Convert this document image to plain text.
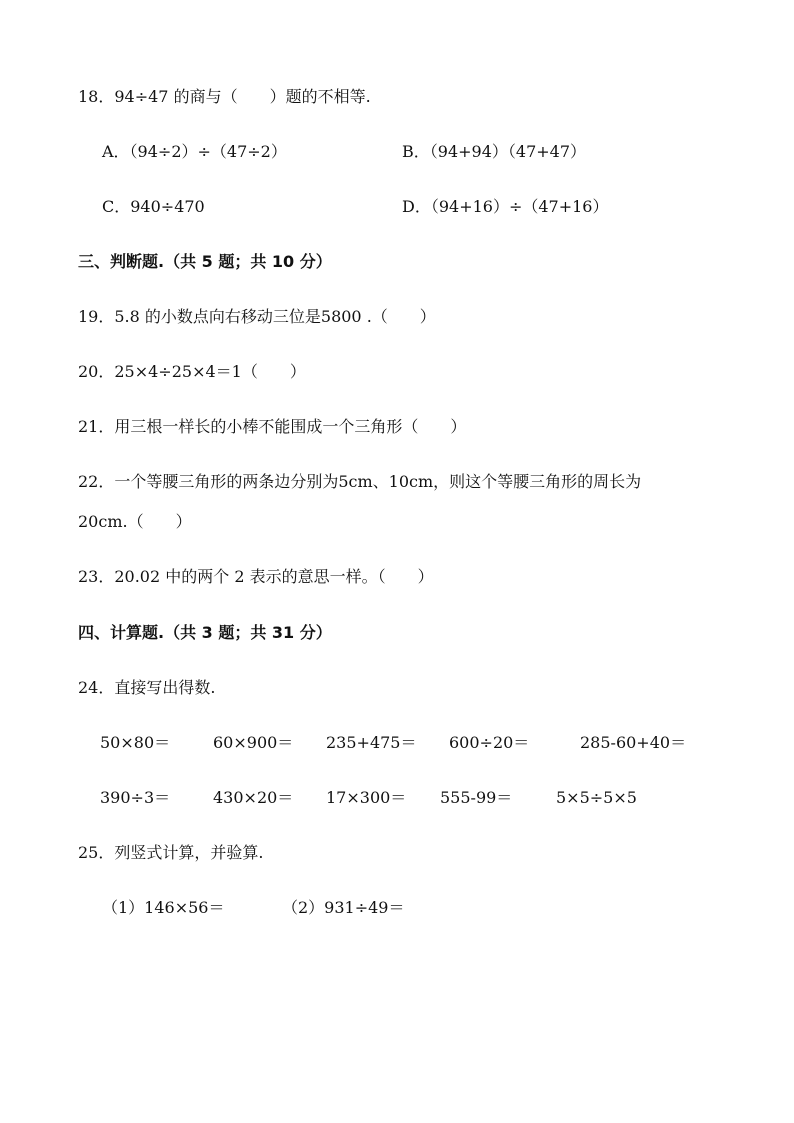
18．94÷47 的商与（　　）题的不相等.
A．（94÷2）÷（47÷2）	B．（94+94）（47+47）
C．940÷470	D．（94+16）÷（47+16）
三、判断题.（共 5 题；共 10 分）
19．5.8 的小数点向右移动三位是5800 .（　　）
20．25×4÷25×4＝1（　　）
21．用三根一样长的小棒不能围成一个三角形（　　）
22．一个等腰三角形的两条边分别为5cm、10cm，则这个等腰三角形的周长为
20cm.（　　）
23．20.02 中的两个 2 表示的意思一样。（　　）
四、计算题.（共 3 题；共 31 分）
24．直接写出得数.
50×80＝	60×900＝ 235+475＝ 600÷20＝	285-60+40＝
390÷3＝	430×20＝ 17×300＝ 555-99＝	5×5÷5×5
25．列竖式计算，并验算.
（1）146×56＝	（2）931÷49＝
